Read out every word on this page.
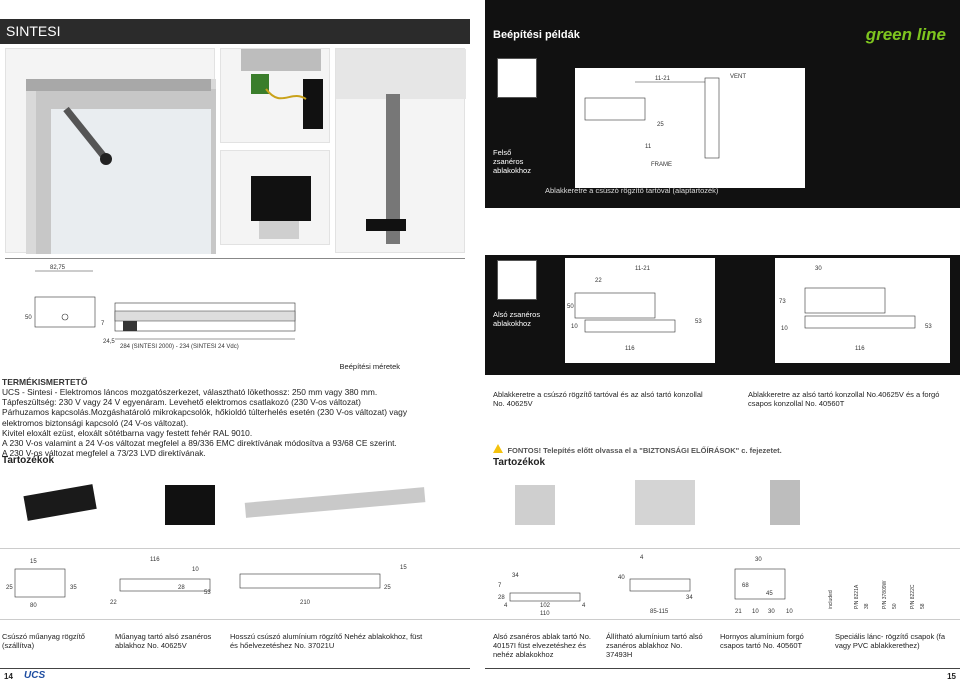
SINTESI	Beépítési példák	green line
82,75
50
7
24,5
284 (SINTESI 2000) - 234 (SINTESI 24 Vdc)
Beépítési méretek
Felső zsanéros ablakokhoz
11-21	VENT
11
25
FRAME
Ablakkeretre a csúszó rögzítő tartóval (alaptartozék)
Alsó zsanéros ablakokhoz
11-21
22
50
10
53
116
30
73
10	53
116
Ablakkeretre a csúszó rögzítő tartóval és az alsó tartó konzollal No. 40625V
Ablakkeretre az alsó tartó konzollal No.40625V és a forgó csapos konzollal No. 40560T
TERMÉKISMERTETŐ
UCS - Sintesi - Elektromos láncos mozgatószerkezet, választható lökethossz: 250 mm vagy 380 mm.
Tápfeszültség: 230 V vagy 24 V egyenáram. Levehető elektromos csatlakozó (230 V-os változat)
Párhuzamos kapcsolás.Mozgáshatároló mikrokapcsolók, hőkioldó túlterhelés esetén (230 V-os változat) vagy
elektromos biztonsági kapcsoló (24 V-os változat).
Kivitel eloxált ezüst, eloxált sötétbarna vagy festett fehér RAL 9010.
A 230 V-os valamint a 24 V-os változat megfelel a 89/336 EMC direktívának módosítva a 93/68 CE szerint.
A 230 V-os változat megfelel a 73/23 LVD direktívának.	FONTOS! Telepítés előtt olvassa el a "BIZTONSÁGI ELŐÍRÁSOK" c. fejezetet.
Tartozékok	Tartozékok
15
25
80
35
116
10
22
28
53
15
210
25
34
7
28
4	102
110
4
4
40
34
85-115
30
68
45
21 10 30 10
included	P/N 8221A 38 P/N 37809W 50 P/N 8222C 58
Csúszó műanyag rögzítő (szállítva)
Műanyag tartó alsó zsanéros ablakhoz No. 40625V
Hosszú csúszó alumínium rögzítő Nehéz ablakokhoz, füst és hőelvezetéshez No. 37021U
Alsó zsanéros ablak tartó No. 40157I füst elvezetéshez és nehéz ablakokhoz
Állítható alumínium tartó alsó zsanéros ablakhoz No. 37493H
Hornyos alumínium forgó csapos tartó No. 40560T
Speciális lánc- rögzítő csapok (fa vagy PVC ablakkerethez)
14 UCS	15
